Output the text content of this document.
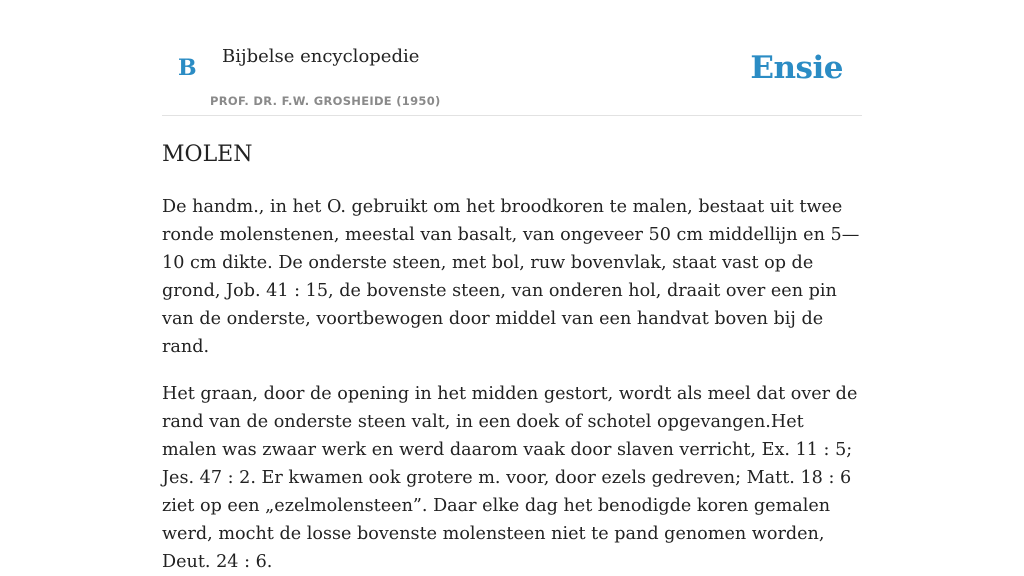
B Bijbelse encyclopedie
PROF. DR. F.W. GROSHEIDE (1950)
Ensie
MOLEN

De handm., in het O. gebruikt om het broodkoren te malen, bestaat uit twee ronde molenstenen, meestal van basalt, van ongeveer 50 cm middellijn en 5—10 cm dikte. De onderste steen, met bol, ruw bovenvlak, staat vast op de grond, Job. 41 : 15, de bovenste steen, van onderen hol, draait over een pin van de onderste, voortbewogen door middel van een handvat boven bij de rand.

Het graan, door de opening in het midden gestort, wordt als meel dat over de rand van de onderste steen valt, in een doek of schotel opgevangen.Het malen was zwaar werk en werd daarom vaak door slaven verricht, Ex. 11 : 5; Jes. 47 : 2. Er kwamen ook grotere m. voor, door ezels gedreven; Matt. 18 : 6 ziet op een „ezelmolensteen”. Daar elke dag het benodigde koren gemalen werd, mocht de losse bovenste molensteen niet te pand genomen worden, Deut. 24 : 6.
